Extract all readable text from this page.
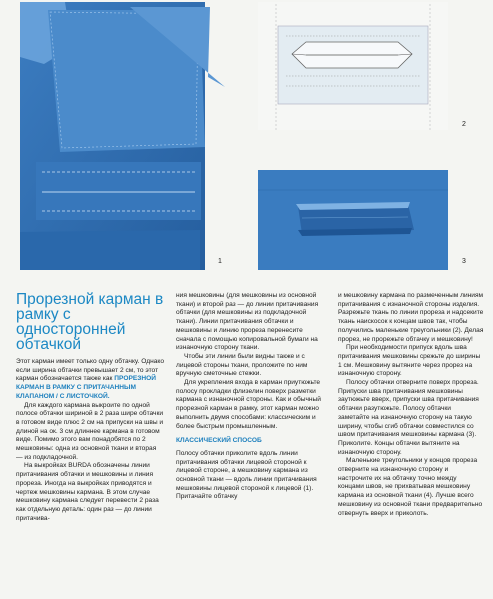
1
2
3
Прорезной карман в рамку с односторонней обтачкой

Этот карман имеет только одну обтачку. Однако если ширина обтачки превышает 2 см, то этот карман обозначается также как ПРОРЕЗНОЙ КАРМАН В РАМКУ С ПРИТАЧАННЫМ КЛАПАНОМ / С ЛИСТОЧКОЙ.

Для каждого кармана выкроите по одной полосе обтачки шириной в 2 раза шире обтачки в готовом виде плюс 2 см на припуски на швы и длиной на ок. 3 см длиннее кармана в готовом виде. Помимо этого вам понадобятся по 2 мешковины: одна из основной ткани и вторая — из подкладочной.

На выкройках BURDA обозначены линии притачивания обтачки и мешковины и линия прореза. Иногда на выкройках приводятся и чертеж мешковины кармана. В этом случае мешковину кармана следует перевести 2 раза как отдельную деталь: один раз — до линии притачива-

ния мешковины (для мешковины из основной ткани) и второй раз — до линии притачивания обтачки (для мешковины из подкладочной ткани). Линии притачивания обтачки и мешковины и линию прореза перенесите сначала с помощью копировальной бумаги на изнаночную сторону ткани.

Чтобы эти линии были видны также и с лицевой стороны ткани, проложите по ним вручную сметочные стежки.

Для укрепления входа в карман приутюжьте полосу прокладки флизелин поверх разметки кармана с изнаночной стороны. Как и обычный прорезной карман в рамку, этот карман можно выполнить двумя способами: классическим и более быстрым промышленным.

КЛАССИЧЕСКИЙ СПОСОБ

Полосу обтачки приколите вдоль линии притачивания обтачки лицевой стороной к лицевой стороне, а мешковину кармана из основной ткани — вдоль линии притачивания мешковины лицевой стороной к лицевой (1). Притачайте обтачку

и мешковину кармана по размеченным линиям притачивания с изнаночной стороны изделия. Разрежьте ткань по линии прореза и надсеките ткань наискосок к концам швов так, чтобы получились маленькие треугольники (2). Делая прорез, не прорежьте обтачку и мешковину!

При необходимости припуск вдоль шва притачивания мешковины срежьте до ширины 1 см. Мешковину вытяните через прорез на изнаночную сторону.

Полосу обтачки отверните поверх прореза. Припуски шва притачивания мешковины заутюжьте вверх, припуски шва притачивания обтачки разутюжьте. Полосу обтачки заметайте на изнаночную сторону на такую ширину, чтобы сгиб обтачки совместился со швом притачивания мешковины кармана (3). Приколите. Концы обтачки вытяните на изнаночную сторону.

Маленькие треугольники у концов прореза отверните на изнаночную сторону и настрочите их на обтачку точно между концами швов, не прихватывая мешковину кармана из основной ткани (4). Лучше всего мешковину из основной ткани предварительно отвернуть вверх и приколоть.
